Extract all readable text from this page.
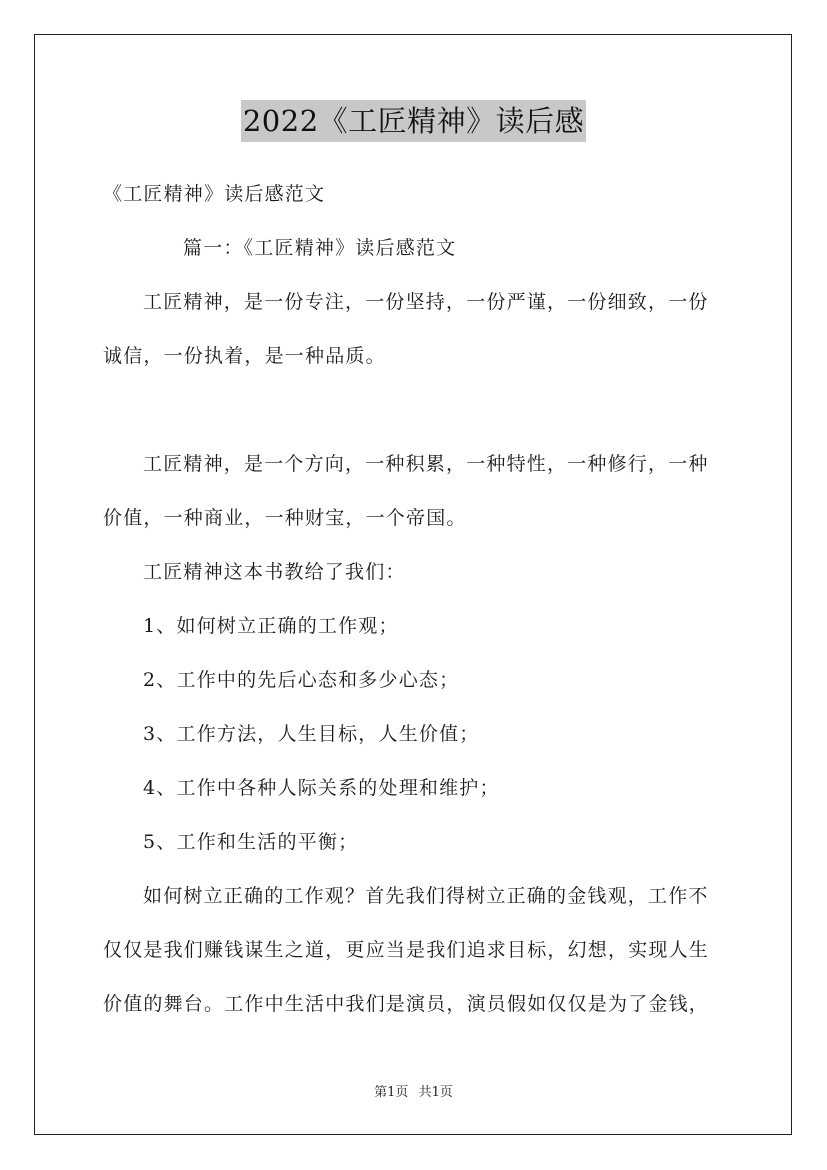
2022《工匠精神》读后感
《工匠精神》读后感范文
篇一：《工匠精神》读后感范文
工匠精神，是一份专注，一份坚持，一份严谨，一份细致，一份
诚信，一份执着，是一种品质。
工匠精神，是一个方向，一种积累，一种特性，一种修行，一种
价值，一种商业，一种财宝，一个帝国。
工匠精神这本书教给了我们：
1、如何树立正确的工作观；
2、工作中的先后心态和多少心态；
3、工作方法，人生目标，人生价值；
4、工作中各种人际关系的处理和维护；
5、工作和生活的平衡；
如何树立正确的工作观？首先我们得树立正确的金钱观，工作不
仅仅是我们赚钱谋生之道，更应当是我们追求目标，幻想，实现人生
价值的舞台。工作中生活中我们是演员，演员假如仅仅是为了金钱，
第1页 共1页
